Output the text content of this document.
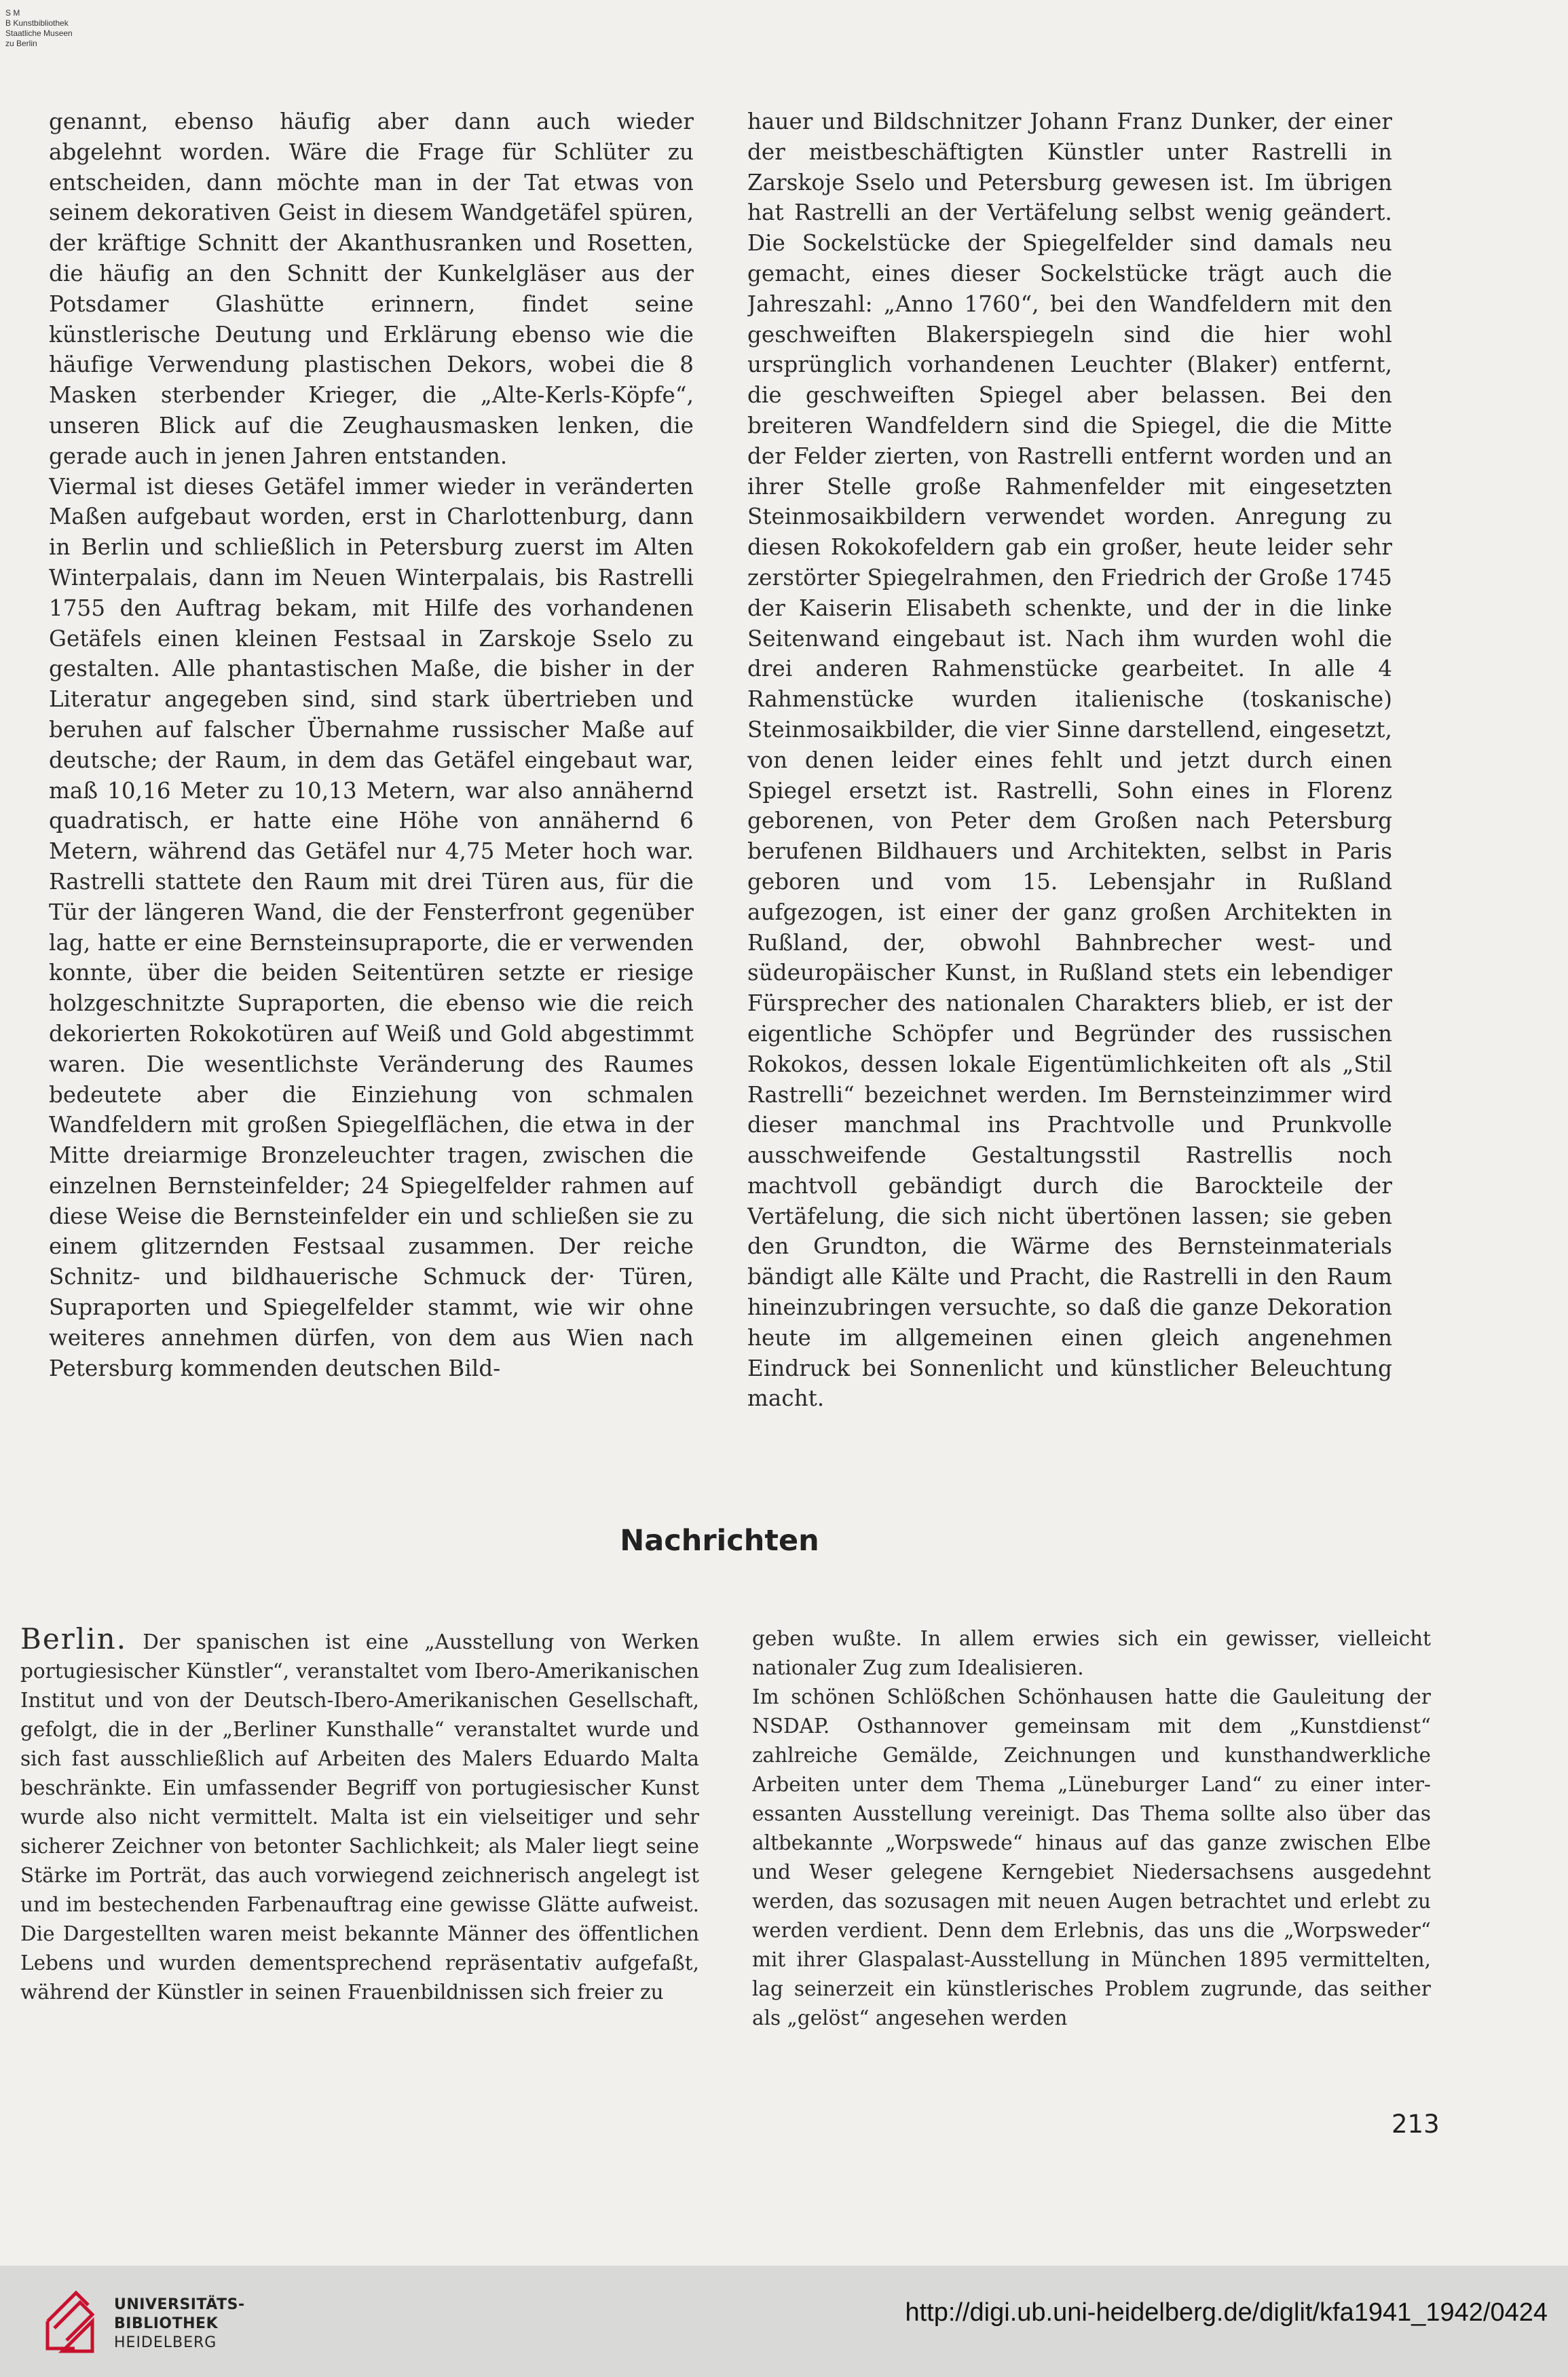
S M
B Kunstbibliothek
Staatliche Museen
zu Berlin

genannt, ebenso häufig aber dann auch wieder abgelehnt worden. Wäre die Frage für Schlüter zu entscheiden, dann möchte man in der Tat etwas von seinem dekorativen Geist in diesem Wandgetäfel spüren, der kräftige Schnitt der Akanthusranken und Rosetten, die häufig an den Schnitt der Kunkelgläser aus der Potsdamer Glashütte erinnern, findet seine künstlerische Deutung und Erklärung ebenso wie die häufige Verwendung plastischen Dekors, wobei die 8 Masken sterbender Krieger, die „Alte-Kerls-Köpfe“, unseren Blick auf die Zeughausmasken lenken, die gerade auch in jenen Jahren entstanden.

Viermal ist dieses Getäfel immer wieder in veränderten Maßen aufgebaut worden, erst in Charlottenburg, dann in Berlin und schließlich in Petersburg zuerst im Alten Winterpalais, dann im Neuen Winterpalais, bis Rastrelli 1755 den Auftrag bekam, mit Hilfe des vorhandenen Getäfels einen kleinen Festsaal in Zarskoje Sselo zu gestalten. Alle phantastischen Maße, die bisher in der Literatur angegeben sind, sind stark übertrieben und beruhen auf falscher Übernahme russischer Maße auf deutsche; der Raum, in dem das Getäfel eingebaut war, maß 10,16 Meter zu 10,13 Metern, war also annähernd quadratisch, er hatte eine Höhe von annähernd 6 Metern, während das Getäfel nur 4,75 Meter hoch war. Rastrelli stattete den Raum mit drei Türen aus, für die Tür der längeren Wand, die der Fensterfront gegenüber lag, hatte er eine Bernsteinsupraporte, die er verwenden konnte, über die beiden Seitentüren setzte er riesige holzgeschnitzte Supraporten, die ebenso wie die reich dekorierten Rokokotüren auf Weiß und Gold abgestimmt waren. Die wesentlichste Veränderung des Raumes bedeutete aber die Einziehung von schmalen Wandfeldern mit großen Spiegelflächen, die etwa in der Mitte dreiarmige Bronzeleuchter tragen, zwischen die einzelnen Bernsteinfelder; 24 Spiegelfelder rahmen auf diese Weise die Bernsteinfelder ein und schließen sie zu einem glitzernden Festsaal zusammen. Der reiche Schnitz- und bildhauerische Schmuck der· Türen, Supraporten und Spiegelfelder stammt, wie wir ohne weiteres annehmen dürfen, von dem aus Wien nach Petersburg kommenden deutschen Bild-

hauer und Bildschnitzer Johann Franz Dunker, der einer der meistbeschäftigten Künstler unter Rastrelli in Zarskoje Sselo und Petersburg gewesen ist. Im übrigen hat Rastrelli an der Vertäfelung selbst wenig geändert. Die Sockelstücke der Spiegelfelder sind damals neu gemacht, eines dieser Sockelstücke trägt auch die Jahreszahl: „Anno 1760“, bei den Wandfeldern mit den geschweiften Blakerspiegeln sind die hier wohl ursprünglich vorhandenen Leuchter (Blaker) entfernt, die geschweiften Spiegel aber belassen. Bei den breiteren Wandfeldern sind die Spiegel, die die Mitte der Felder zierten, von Rastrelli entfernt worden und an ihrer Stelle große Rahmenfelder mit eingesetzten Steinmosaikbildern verwendet worden. Anregung zu diesen Rokokofeldern gab ein großer, heute leider sehr zerstörter Spiegelrahmen, den Friedrich der Große 1745 der Kaiserin Elisabeth schenkte, und der in die linke Seitenwand eingebaut ist. Nach ihm wurden wohl die drei anderen Rahmenstücke gearbeitet. In alle 4 Rahmenstücke wurden italienische (toskanische) Steinmosaikbilder, die vier Sinne darstellend, eingesetzt, von denen leider eines fehlt und jetzt durch einen Spiegel ersetzt ist. Rastrelli, Sohn eines in Florenz geborenen, von Peter dem Großen nach Petersburg berufenen Bildhauers und Architekten, selbst in Paris geboren und vom 15. Lebensjahr in Rußland aufgezogen, ist einer der ganz großen Architekten in Rußland, der, obwohl Bahnbrecher west- und südeuropäischer Kunst, in Rußland stets ein lebendiger Fürsprecher des nationalen Charakters blieb, er ist der eigentliche Schöpfer und Begründer des russischen Rokokos, dessen lokale Eigentümlichkeiten oft als „Stil Rastrelli“ bezeichnet werden. Im Bernsteinzimmer wird dieser manchmal ins Prachtvolle und Prunkvolle ausschweifende Gestaltungsstil Rastrellis noch machtvoll gebändigt durch die Barockteile der Vertäfelung, die sich nicht übertönen lassen; sie geben den Grundton, die Wärme des Bernsteinmaterials bändigt alle Kälte und Pracht, die Rastrelli in den Raum hineinzubringen versuchte, so daß die ganze Dekoration heute im allgemeinen einen gleich angenehmen Eindruck bei Sonnenlicht und künstlicher Beleuchtung macht.

Nachrichten

Berlin. Der spanischen ist eine „Ausstellung von Werken portugiesischer Künstler“, veranstaltet vom Ibero-Amerikanischen Institut und von der Deutsch-Ibero-Amerikanischen Gesellschaft, gefolgt, die in der „Berliner Kunsthalle“ veranstaltet wurde und sich fast ausschließlich auf Arbeiten des Malers Eduardo Malta beschränkte. Ein umfassender Begriff von portugiesischer Kunst wurde also nicht vermittelt. Malta ist ein vielseitiger und sehr sicherer Zeichner von betonter Sachlichkeit; als Maler liegt seine Stärke im Porträt, das auch vorwiegend zeichnerisch angelegt ist und im bestechenden Farbenauftrag eine gewisse Glätte aufweist. Die Dargestellten waren meist bekannte Männer des öffentlichen Lebens und wurden dementsprechend repräsentativ aufgefaßt, während der Künstler in seinen Frauenbildnissen sich freier zu

geben wußte. In allem erwies sich ein gewisser, vielleicht nationaler Zug zum Idealisieren.

Im schönen Schlößchen Schönhausen hatte die Gauleitung der NSDAP. Osthannover gemeinsam mit dem „Kunstdienst“ zahlreiche Gemälde, Zeichnungen und kunsthandwerkliche Arbeiten unter dem Thema „Lüneburger Land“ zu einer interessanten Ausstellung vereinigt. Das Thema sollte also über das altbekannte „Worpswede“ hinaus auf das ganze zwischen Elbe und Weser gelegene Kerngebiet Niedersachsens ausgedehnt werden, das sozusagen mit neuen Augen betrachtet und erlebt zu werden verdient. Denn dem Erlebnis, das uns die „Worpsweder“ mit ihrer Glaspalast-Ausstellung in München 1895 vermittelten, lag seinerzeit ein künstlerisches Problem zugrunde, das seither als „gelöst“ angesehen werden

213
UNIVERSITÄTS-
BIBLIOTHEK
HEIDELBERG
http://digi.ub.uni-heidelberg.de/diglit/kfa1941_1942/0424
